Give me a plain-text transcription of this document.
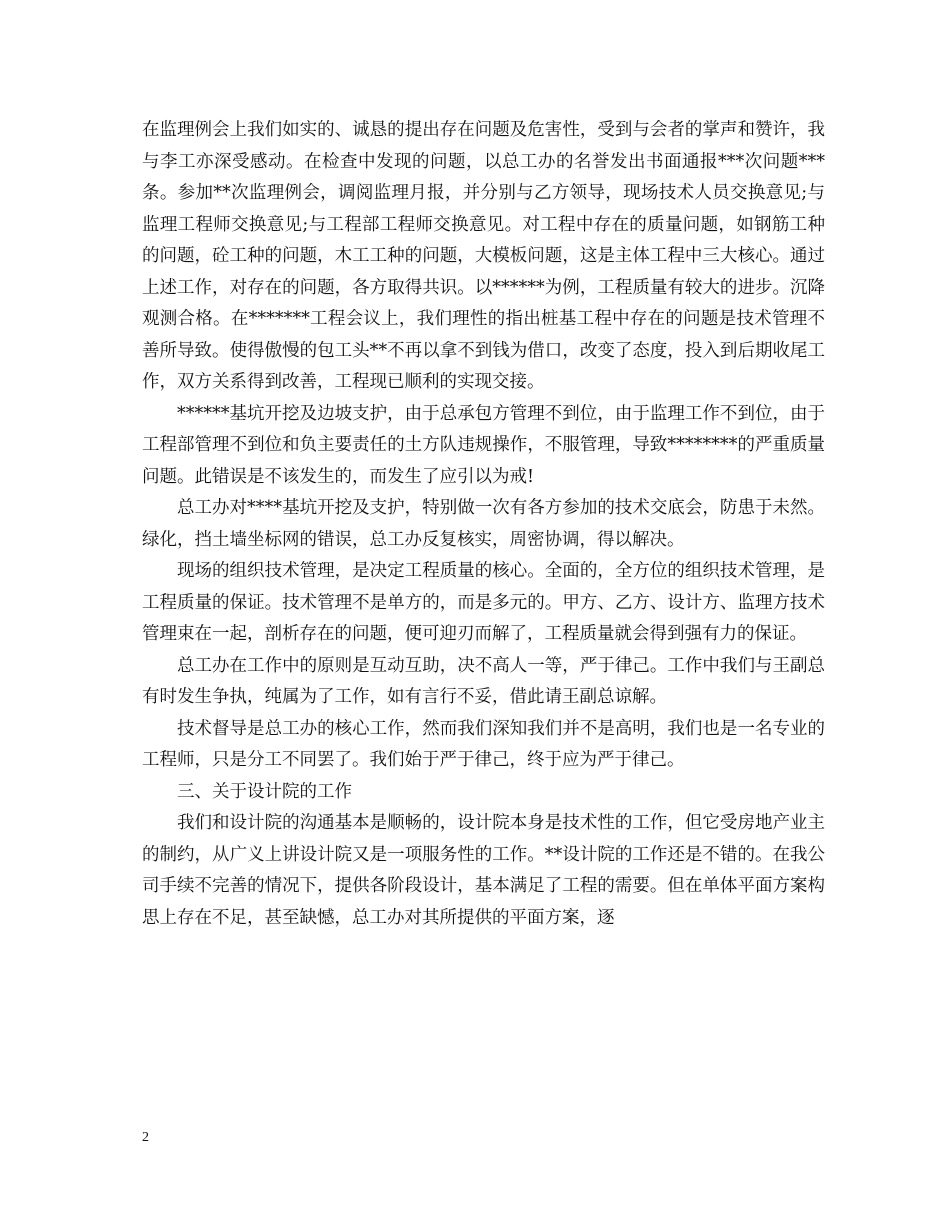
在监理例会上我们如实的、诚恳的提出存在问题及危害性，受到与会者的掌声和赞许，我与李工亦深受感动。在检查中发现的问题，以总工办的名誉发出书面通报***次问题***条。参加**次监理例会，调阅监理月报，并分别与乙方领导，现场技术人员交换意见;与监理工程师交换意见;与工程部工程师交换意见。对工程中存在的质量问题，如钢筋工种的问题，砼工种的问题，木工工种的问题，大模板问题，这是主体工程中三大核心。通过上述工作，对存在的问题，各方取得共识。以******为例，工程质量有较大的进步。沉降观测合格。在*******工程会议上，我们理性的指出桩基工程中存在的问题是技术管理不善所导致。使得傲慢的包工头**不再以拿不到钱为借口，改变了态度，投入到后期收尾工作，双方关系得到改善，工程现已顺利的实现交接。

******基坑开挖及边坡支护，由于总承包方管理不到位，由于监理工作不到位，由于工程部管理不到位和负主要责任的土方队违规操作，不服管理，导致********的严重质量问题。此错误是不该发生的，而发生了应引以为戒!

总工办对****基坑开挖及支护，特别做一次有各方参加的技术交底会，防患于未然。绿化，挡土墙坐标网的错误，总工办反复核实，周密协调，得以解决。

现场的组织技术管理，是决定工程质量的核心。全面的，全方位的组织技术管理，是工程质量的保证。技术管理不是单方的，而是多元的。甲方、乙方、设计方、监理方技术管理束在一起，剖析存在的问题，便可迎刃而解了，工程质量就会得到强有力的保证。

总工办在工作中的原则是互动互助，决不高人一等，严于律己。工作中我们与王副总有时发生争执，纯属为了工作，如有言行不妥，借此请王副总谅解。

技术督导是总工办的核心工作，然而我们深知我们并不是高明，我们也是一名专业的工程师，只是分工不同罢了。我们始于严于律己，终于应为严于律己。

三、关于设计院的工作

我们和设计院的沟通基本是顺畅的，设计院本身是技术性的工作，但它受房地产业主的制约，从广义上讲设计院又是一项服务性的工作。**设计院的工作还是不错的。在我公司手续不完善的情况下，提供各阶段设计，基本满足了工程的需要。但在单体平面方案构思上存在不足，甚至缺憾，总工办对其所提供的平面方案，逐

2
